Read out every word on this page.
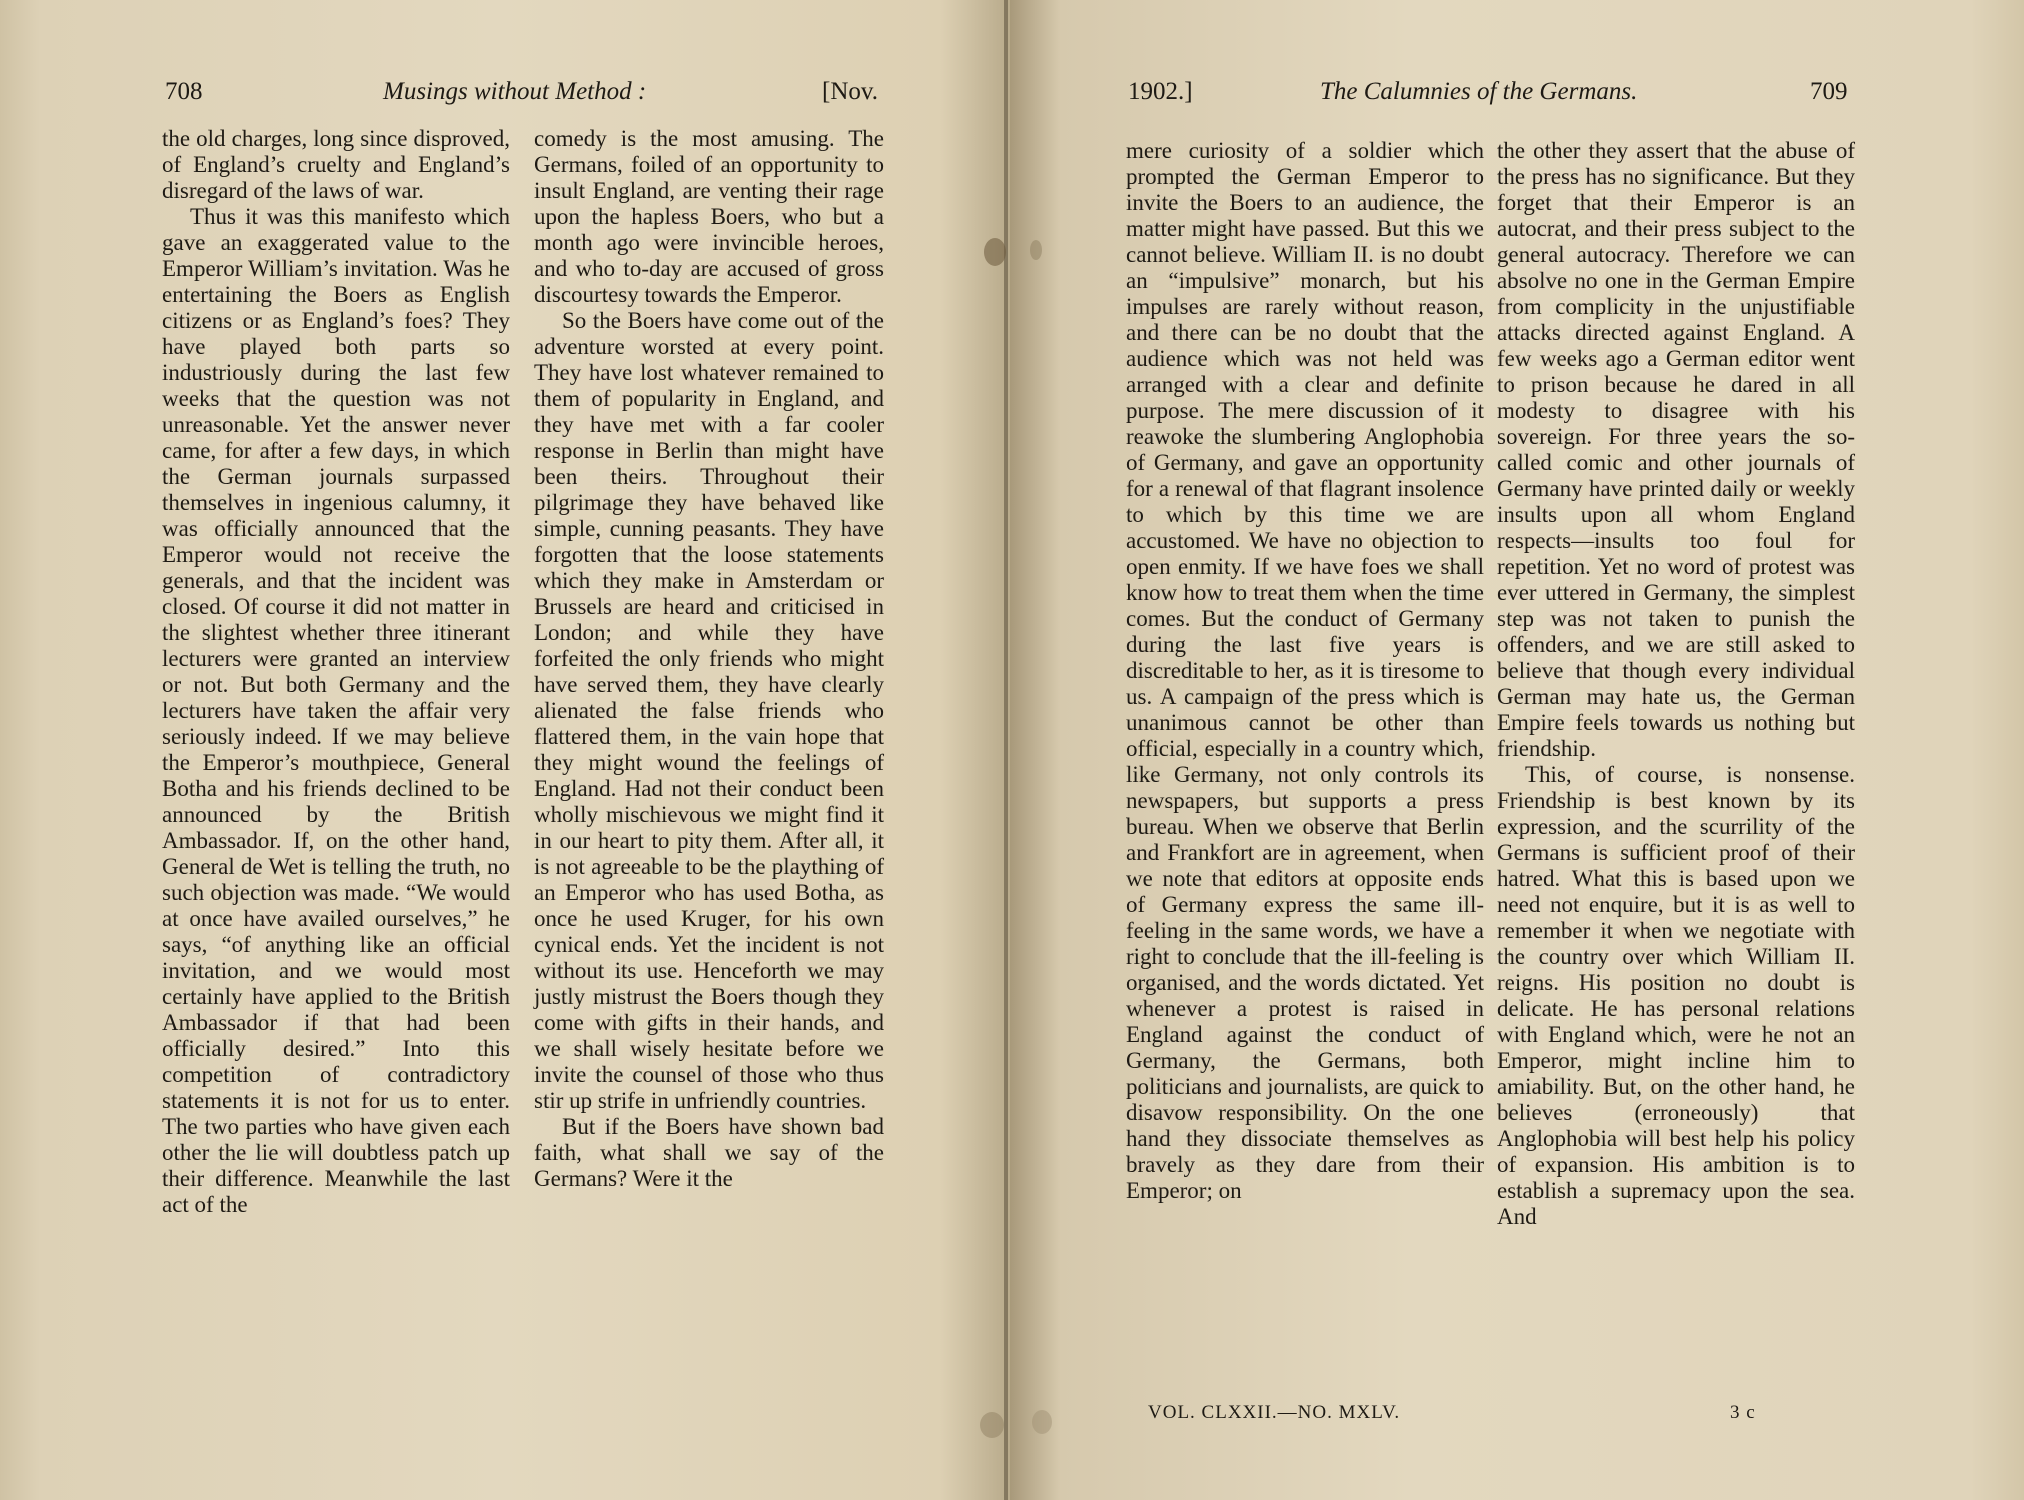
708	Musings without Method :	[Nov.

the old charges, long since disproved, of England’s cruelty and England’s disregard of the laws of war.

Thus it was this manifesto which gave an exaggerated value to the Emperor William’s invitation. Was he entertaining the Boers as English citizens or as England’s foes? They have played both parts so industriously during the last few weeks that the question was not unreasonable. Yet the answer never came, for after a few days, in which the German journals surpassed themselves in ingenious calumny, it was officially announced that the Emperor would not receive the generals, and that the incident was closed. Of course it did not matter in the slightest whether three itinerant lecturers were granted an interview or not. But both Germany and the lecturers have taken the affair very seriously indeed. If we may believe the Emperor’s mouthpiece, General Botha and his friends declined to be announced by the British Ambassador. If, on the other hand, General de Wet is telling the truth, no such objection was made. “We would at once have availed ourselves,” he says, “of anything like an official invitation, and we would most certainly have applied to the British Ambassador if that had been officially desired.” Into this competition of contradictory statements it is not for us to enter. The two parties who have given each other the lie will doubtless patch up their difference. Meanwhile the last act of the

comedy is the most amusing. The Germans, foiled of an opportunity to insult England, are venting their rage upon the hapless Boers, who but a month ago were invincible heroes, and who to-day are accused of gross discourtesy towards the Emperor.

So the Boers have come out of the adventure worsted at every point. They have lost whatever remained to them of popularity in England, and they have met with a far cooler response in Berlin than might have been theirs. Throughout their pilgrimage they have behaved like simple, cunning peasants. They have forgotten that the loose statements which they make in Amsterdam or Brussels are heard and criticised in London; and while they have forfeited the only friends who might have served them, they have clearly alienated the false friends who flattered them, in the vain hope that they might wound the feelings of England. Had not their conduct been wholly mischievous we might find it in our heart to pity them. After all, it is not agreeable to be the plaything of an Emperor who has used Botha, as once he used Kruger, for his own cynical ends. Yet the incident is not without its use. Henceforth we may justly mistrust the Boers though they come with gifts in their hands, and we shall wisely hesitate before we invite the counsel of those who thus stir up strife in unfriendly countries.

But if the Boers have shown bad faith, what shall we say of the Germans? Were it the

1902.]	The Calumnies of the Germans.	709

mere curiosity of a soldier which prompted the German Emperor to invite the Boers to an audience, the matter might have passed. But this we cannot believe. William II. is no doubt an “impulsive” monarch, but his impulses are rarely without reason, and there can be no doubt that the audience which was not held was arranged with a clear and definite purpose. The mere discussion of it reawoke the slumbering Anglophobia of Germany, and gave an opportunity for a renewal of that flagrant insolence to which by this time we are accustomed. We have no objection to open enmity. If we have foes we shall know how to treat them when the time comes. But the conduct of Germany during the last five years is discreditable to her, as it is tiresome to us. A campaign of the press which is unanimous cannot be other than official, especially in a country which, like Germany, not only controls its newspapers, but supports a press bureau. When we observe that Berlin and Frankfort are in agreement, when we note that editors at opposite ends of Germany express the same ill-feeling in the same words, we have a right to conclude that the ill-feeling is organised, and the words dictated. Yet whenever a protest is raised in England against the conduct of Germany, the Germans, both politicians and journalists, are quick to disavow responsibility. On the one hand they dissociate themselves as bravely as they dare from their Emperor; on

the other they assert that the abuse of the press has no significance. But they forget that their Emperor is an autocrat, and their press subject to the general autocracy. Therefore we can absolve no one in the German Empire from complicity in the unjustifiable attacks directed against England. A few weeks ago a German editor went to prison because he dared in all modesty to disagree with his sovereign. For three years the so-called comic and other journals of Germany have printed daily or weekly insults upon all whom England respects—insults too foul for repetition. Yet no word of protest was ever uttered in Germany, the simplest step was not taken to punish the offenders, and we are still asked to believe that though every individual German may hate us, the German Empire feels towards us nothing but friendship.

This, of course, is nonsense. Friendship is best known by its expression, and the scurrility of the Germans is sufficient proof of their hatred. What this is based upon we need not enquire, but it is as well to remember it when we negotiate with the country over which William II. reigns. His position no doubt is delicate. He has personal relations with England which, were he not an Emperor, might incline him to amiability. But, on the other hand, he believes (erroneously) that Anglophobia will best help his policy of expansion. His ambition is to establish a supremacy upon the sea. And

VOL. CLXXII.—NO. MXLV.	3 c
